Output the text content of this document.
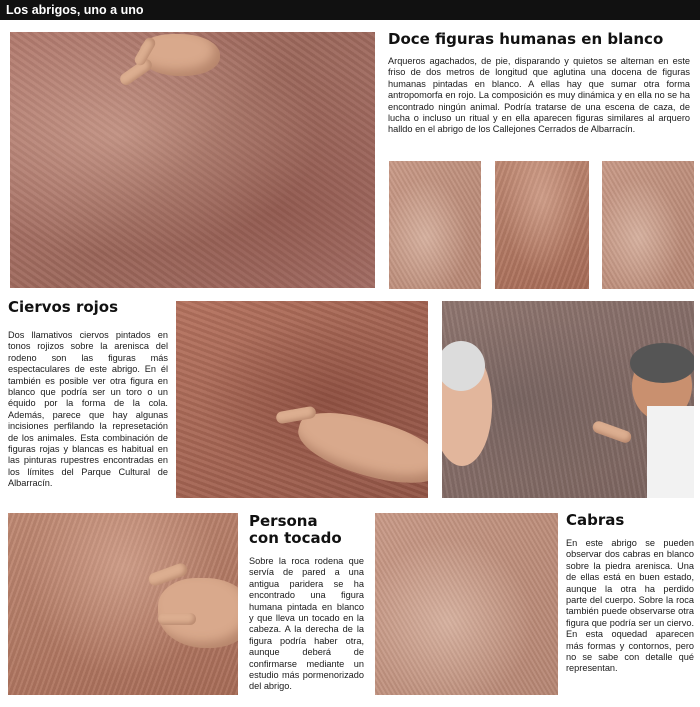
Los abrigos, uno a uno
Doce figuras humanas en blanco

Arqueros agachados, de pie, disparando y quietos se alternan en este friso de dos metros de longitud que aglutina una docena de figuras humanas pintadas en blanco. A ellas hay que sumar otra forma antropomorfa en rojo. La composición es muy dinámica y en ella no se ha encontrado ningún animal. Podría tratarse de una escena de caza, de lucha o incluso un ritual y en ella aparecen figuras similares al arquero halldo en el abrigo de los Callejones Cerrados de Albarracín.

Ciervos rojos

Dos llamativos ciervos pintados en tonos rojizos sobre la arenisca del rodeno son las figuras más espectaculares de este abrigo. En él también es posible ver otra figura en blanco que podría ser un toro o un équido por la forma de la cola. Además, parece que hay algunas incisiones perfilando la represetación de los animales. Esta combinación de figuras rojas y blancas es habitual en las pinturas rupestres encontradas en los límites del Parque Cultural de Albarracín.

Persona
con tocado

Sobre la roca rodena que servía de pared a una antigua paridera se ha encontrado una figura humana pintada en blanco y que lleva un tocado en la cabeza. A la derecha de la figura podría haber otra, aunque deberá de confirmarse mediante un estudio más pormenorizado del abrigo.

Cabras

En este abrigo se pueden observar dos cabras en blanco sobre la piedra arenisca. Una de ellas está en buen estado, aunque la otra ha perdido parte del cuerpo. Sobre la roca también puede observarse otra figura que podría ser un ciervo. En esta oquedad aparecen más formas y contornos, pero no se sabe con detalle qué representan.
